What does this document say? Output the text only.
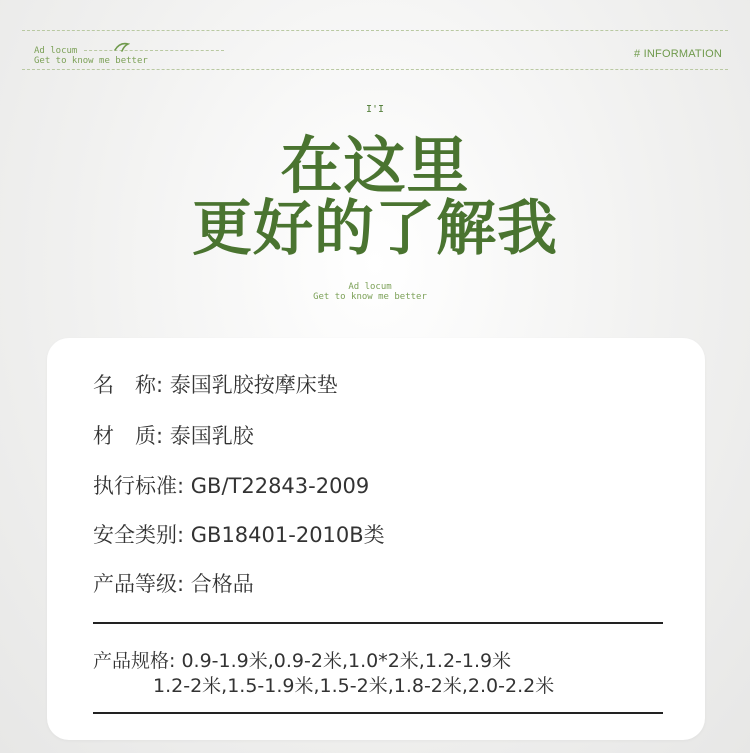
Ad locum
Get to know me better
# INFORMATION
I'I
在这里
更好的了解我
Ad locum
Get to know me better
名　称: 泰国乳胶按摩床垫
材　质: 泰国乳胶
执行标准: GB/T22843-2009
安全类别: GB18401-2010B类
产品等级: 合格品
产品规格: 0.9-1.9米,0.9-2米,1.0*2米,1.2-1.9米
1.2-2米,1.5-1.9米,1.5-2米,1.8-2米,2.0-2.2米
